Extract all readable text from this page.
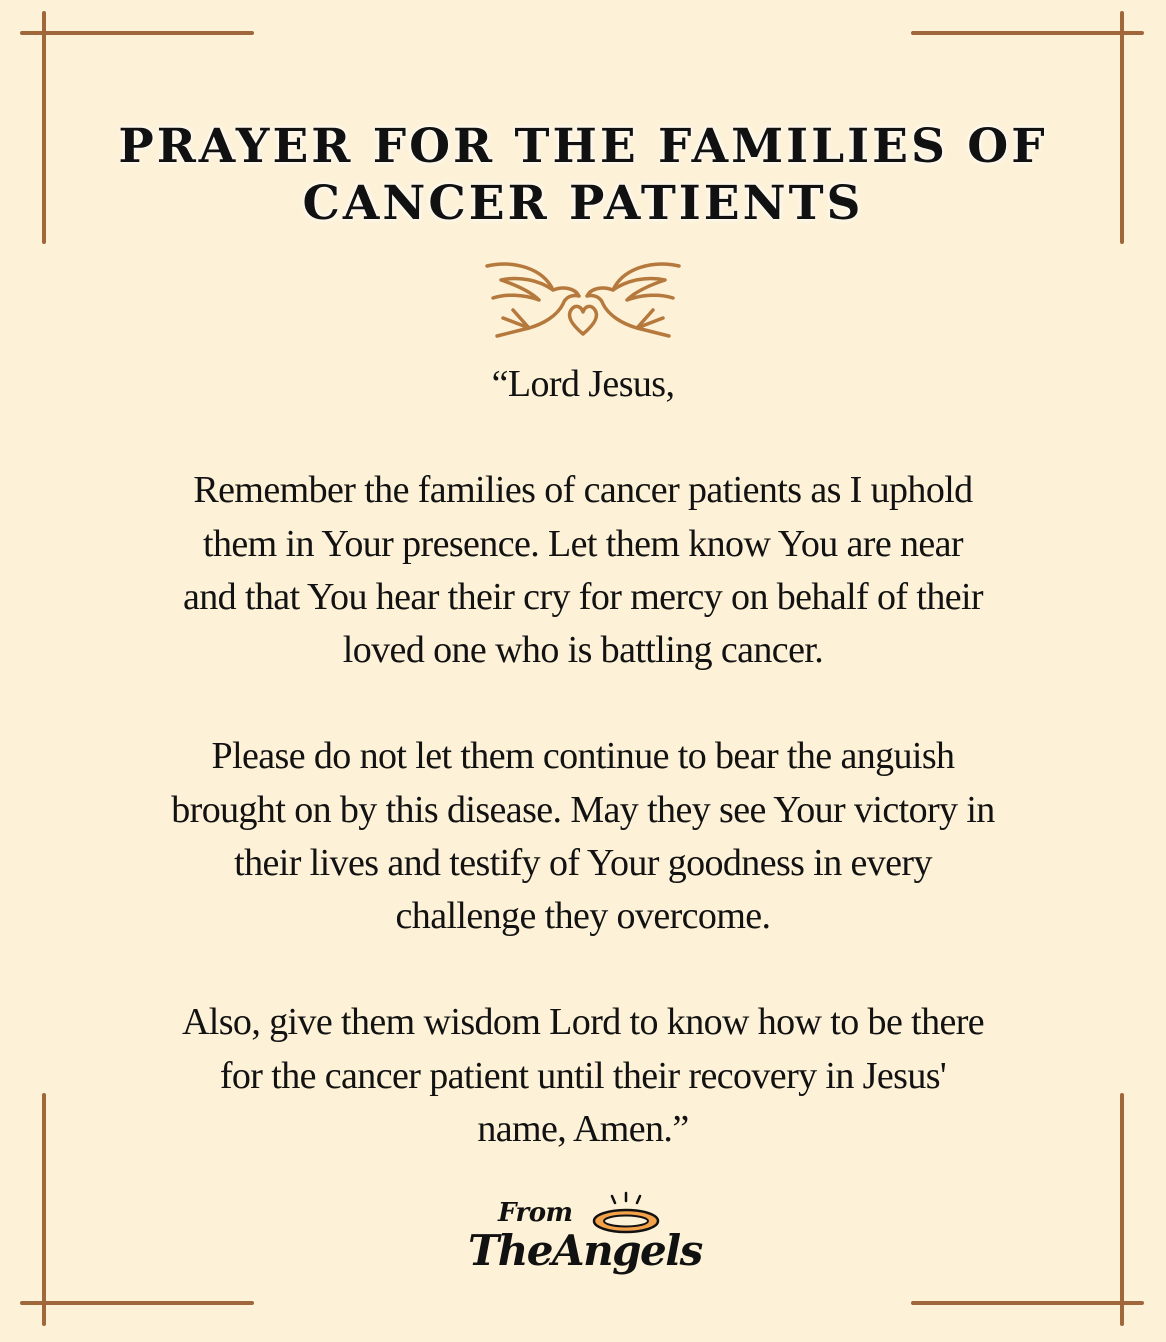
PRAYER FOR THE FAMILIES OF
CANCER PATIENTS

“Lord Jesus,

Remember the families of cancer patients as I uphold

them in Your presence. Let them know You are near

and that You hear their cry for mercy on behalf of their

loved one who is battling cancer.

Please do not let them continue to bear the anguish

brought on by this disease. May they see Your victory in

their lives and testify of Your goodness in every

challenge they overcome.

Also, give them wisdom Lord to know how to be there

for the cancer patient until their recovery in Jesus'

name, Amen.”

From
TheAngels
